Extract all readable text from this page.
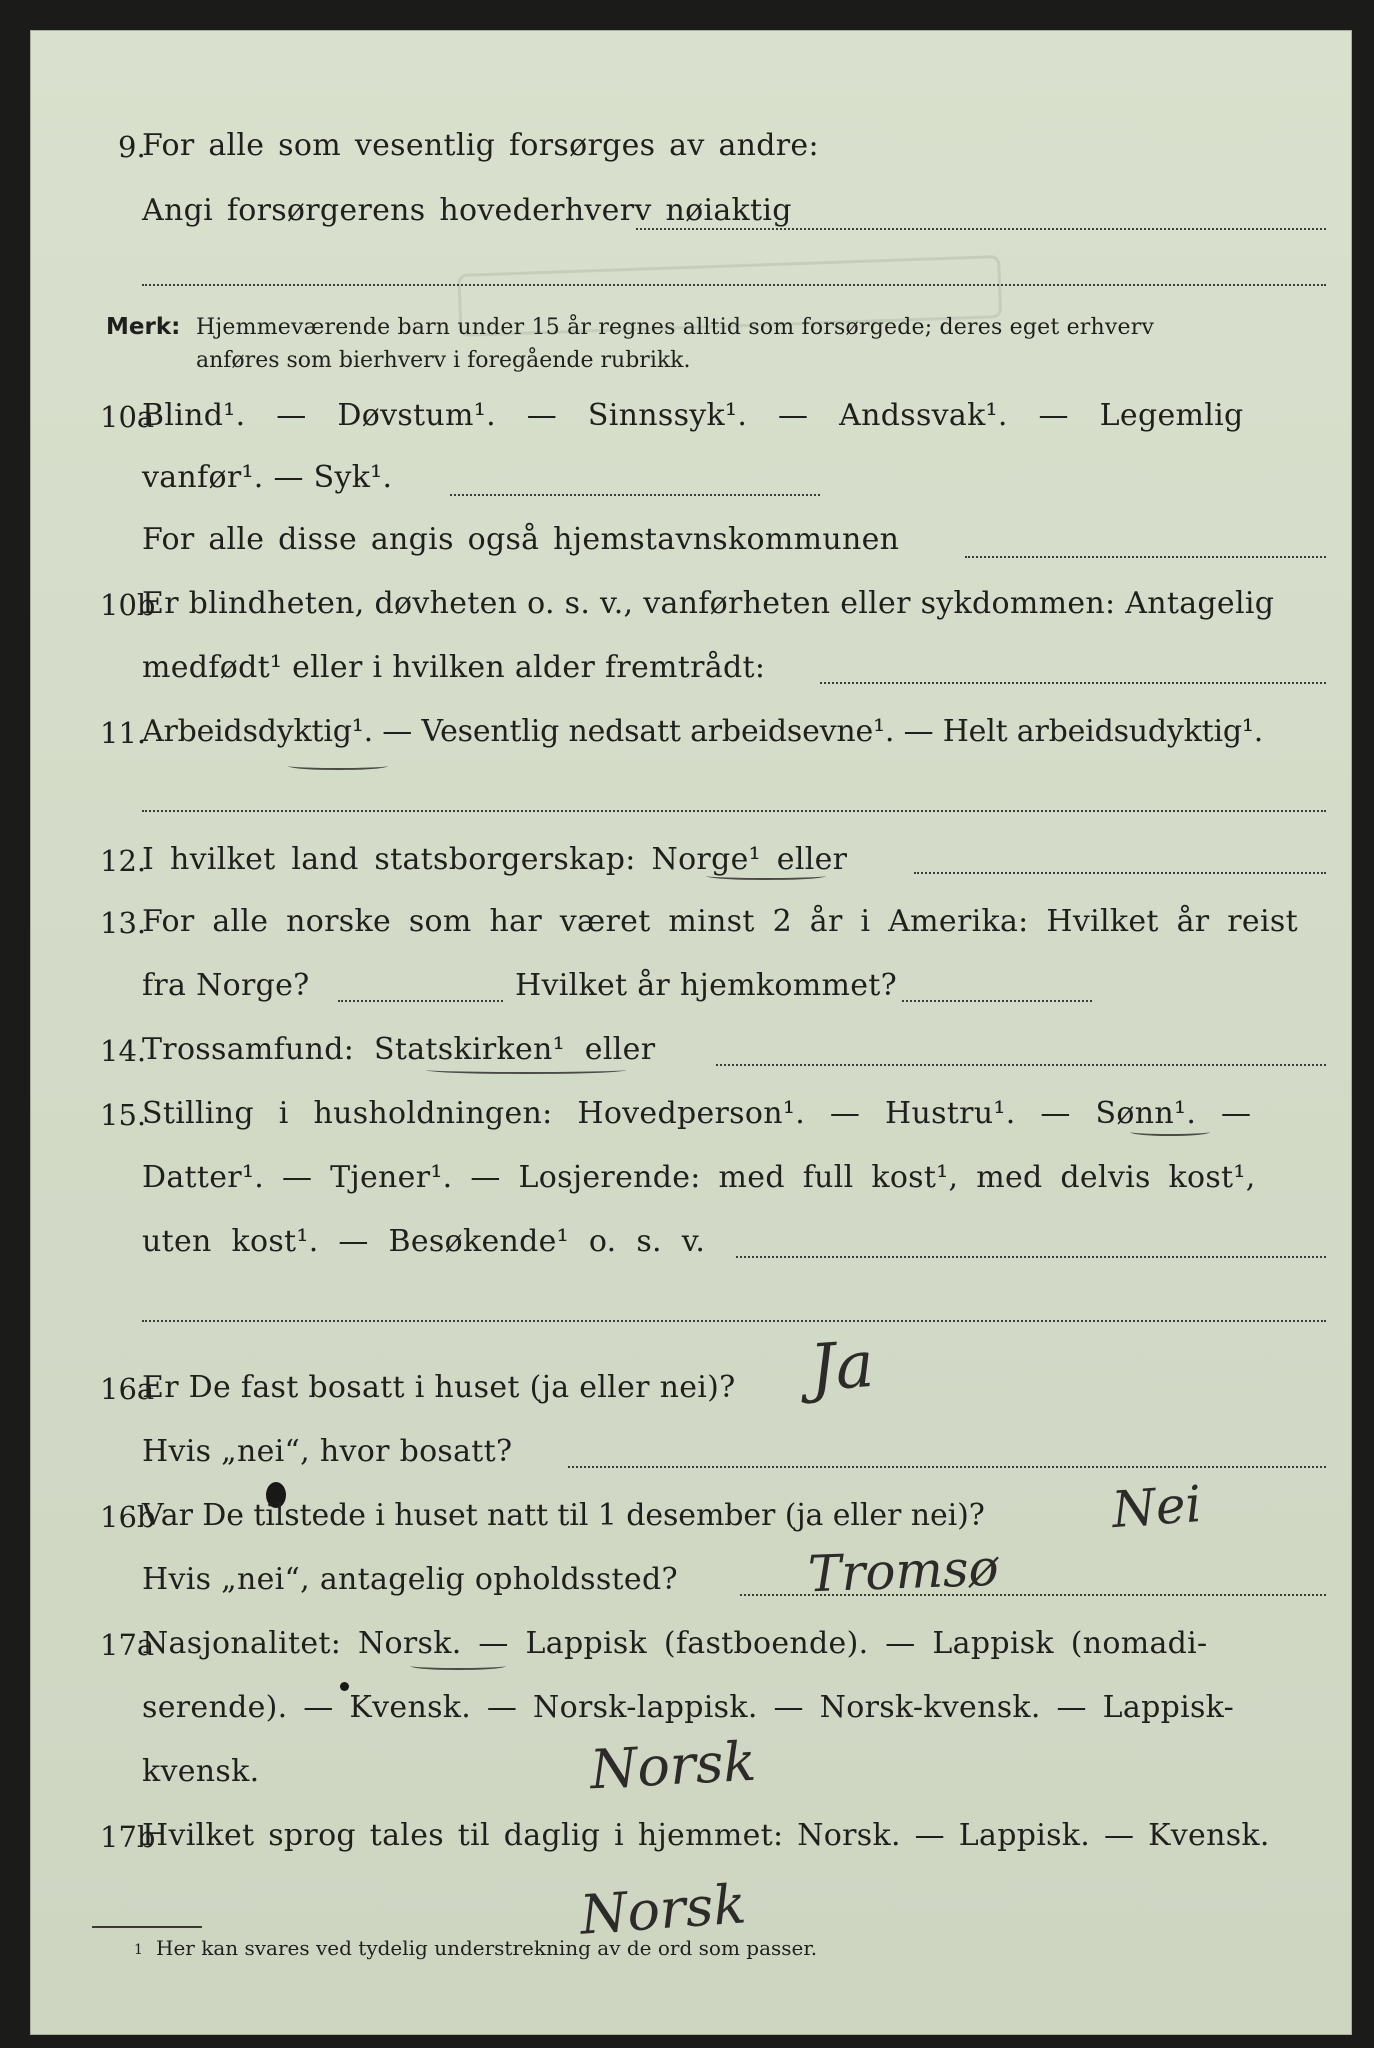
9.
For alle som vesentlig forsørges av andre:
Angi forsørgerens hovederhverv nøiaktig
Merk: Hjemmeværende barn under 15 år regnes alltid som forsørgede; deres eget erhverv
anføres som bierhverv i foregående rubrikk.
10a
Blind¹. — Døvstum¹. — Sinnssyk¹. — Andssvak¹. — Legemlig
vanfør¹. — Syk¹.
For alle disse angis også hjemstavnskommunen
10b
Er blindheten, døvheten o. s. v., vanførheten eller sykdommen: Antagelig
medfødt¹ eller i hvilken alder fremtrådt:
11.
Arbeidsdyktig¹. — Vesentlig nedsatt arbeidsevne¹. — Helt arbeidsudyktig¹.
12.
I hvilket land statsborgerskap: Norge¹ eller
13.
For alle norske som har været minst 2 år i Amerika: Hvilket år reist
fra Norge?	Hvilket år hjemkommet?
14.
Trossamfund: Statskirken¹ eller
15.
Stilling i husholdningen: Hovedperson¹. — Hustru¹. — Sønn¹. —
Datter¹. — Tjener¹. — Losjerende: med full kost¹, med delvis kost¹,
uten kost¹. — Besøkende¹ o. s. v.
16a
Er De fast bosatt i huset (ja eller nei)? Ja
Hvis „nei“, hvor bosatt?
16b
Var De tilstede i huset natt til 1 desember (ja eller nei)?	Nei
Hvis „nei“, antagelig opholdssted?	Tromsø
17a
Nasjonalitet: Norsk. — Lappisk (fastboende). — Lappisk (nomadi-
serende). — Kvensk. — Norsk-lappisk. — Norsk-kvensk. — Lappisk-
kvensk.	Norsk
17b
Hvilket sprog tales til daglig i hjemmet: Norsk. — Lappisk. — Kvensk.
Norsk
1 Her kan svares ved tydelig understrekning av de ord som passer.
